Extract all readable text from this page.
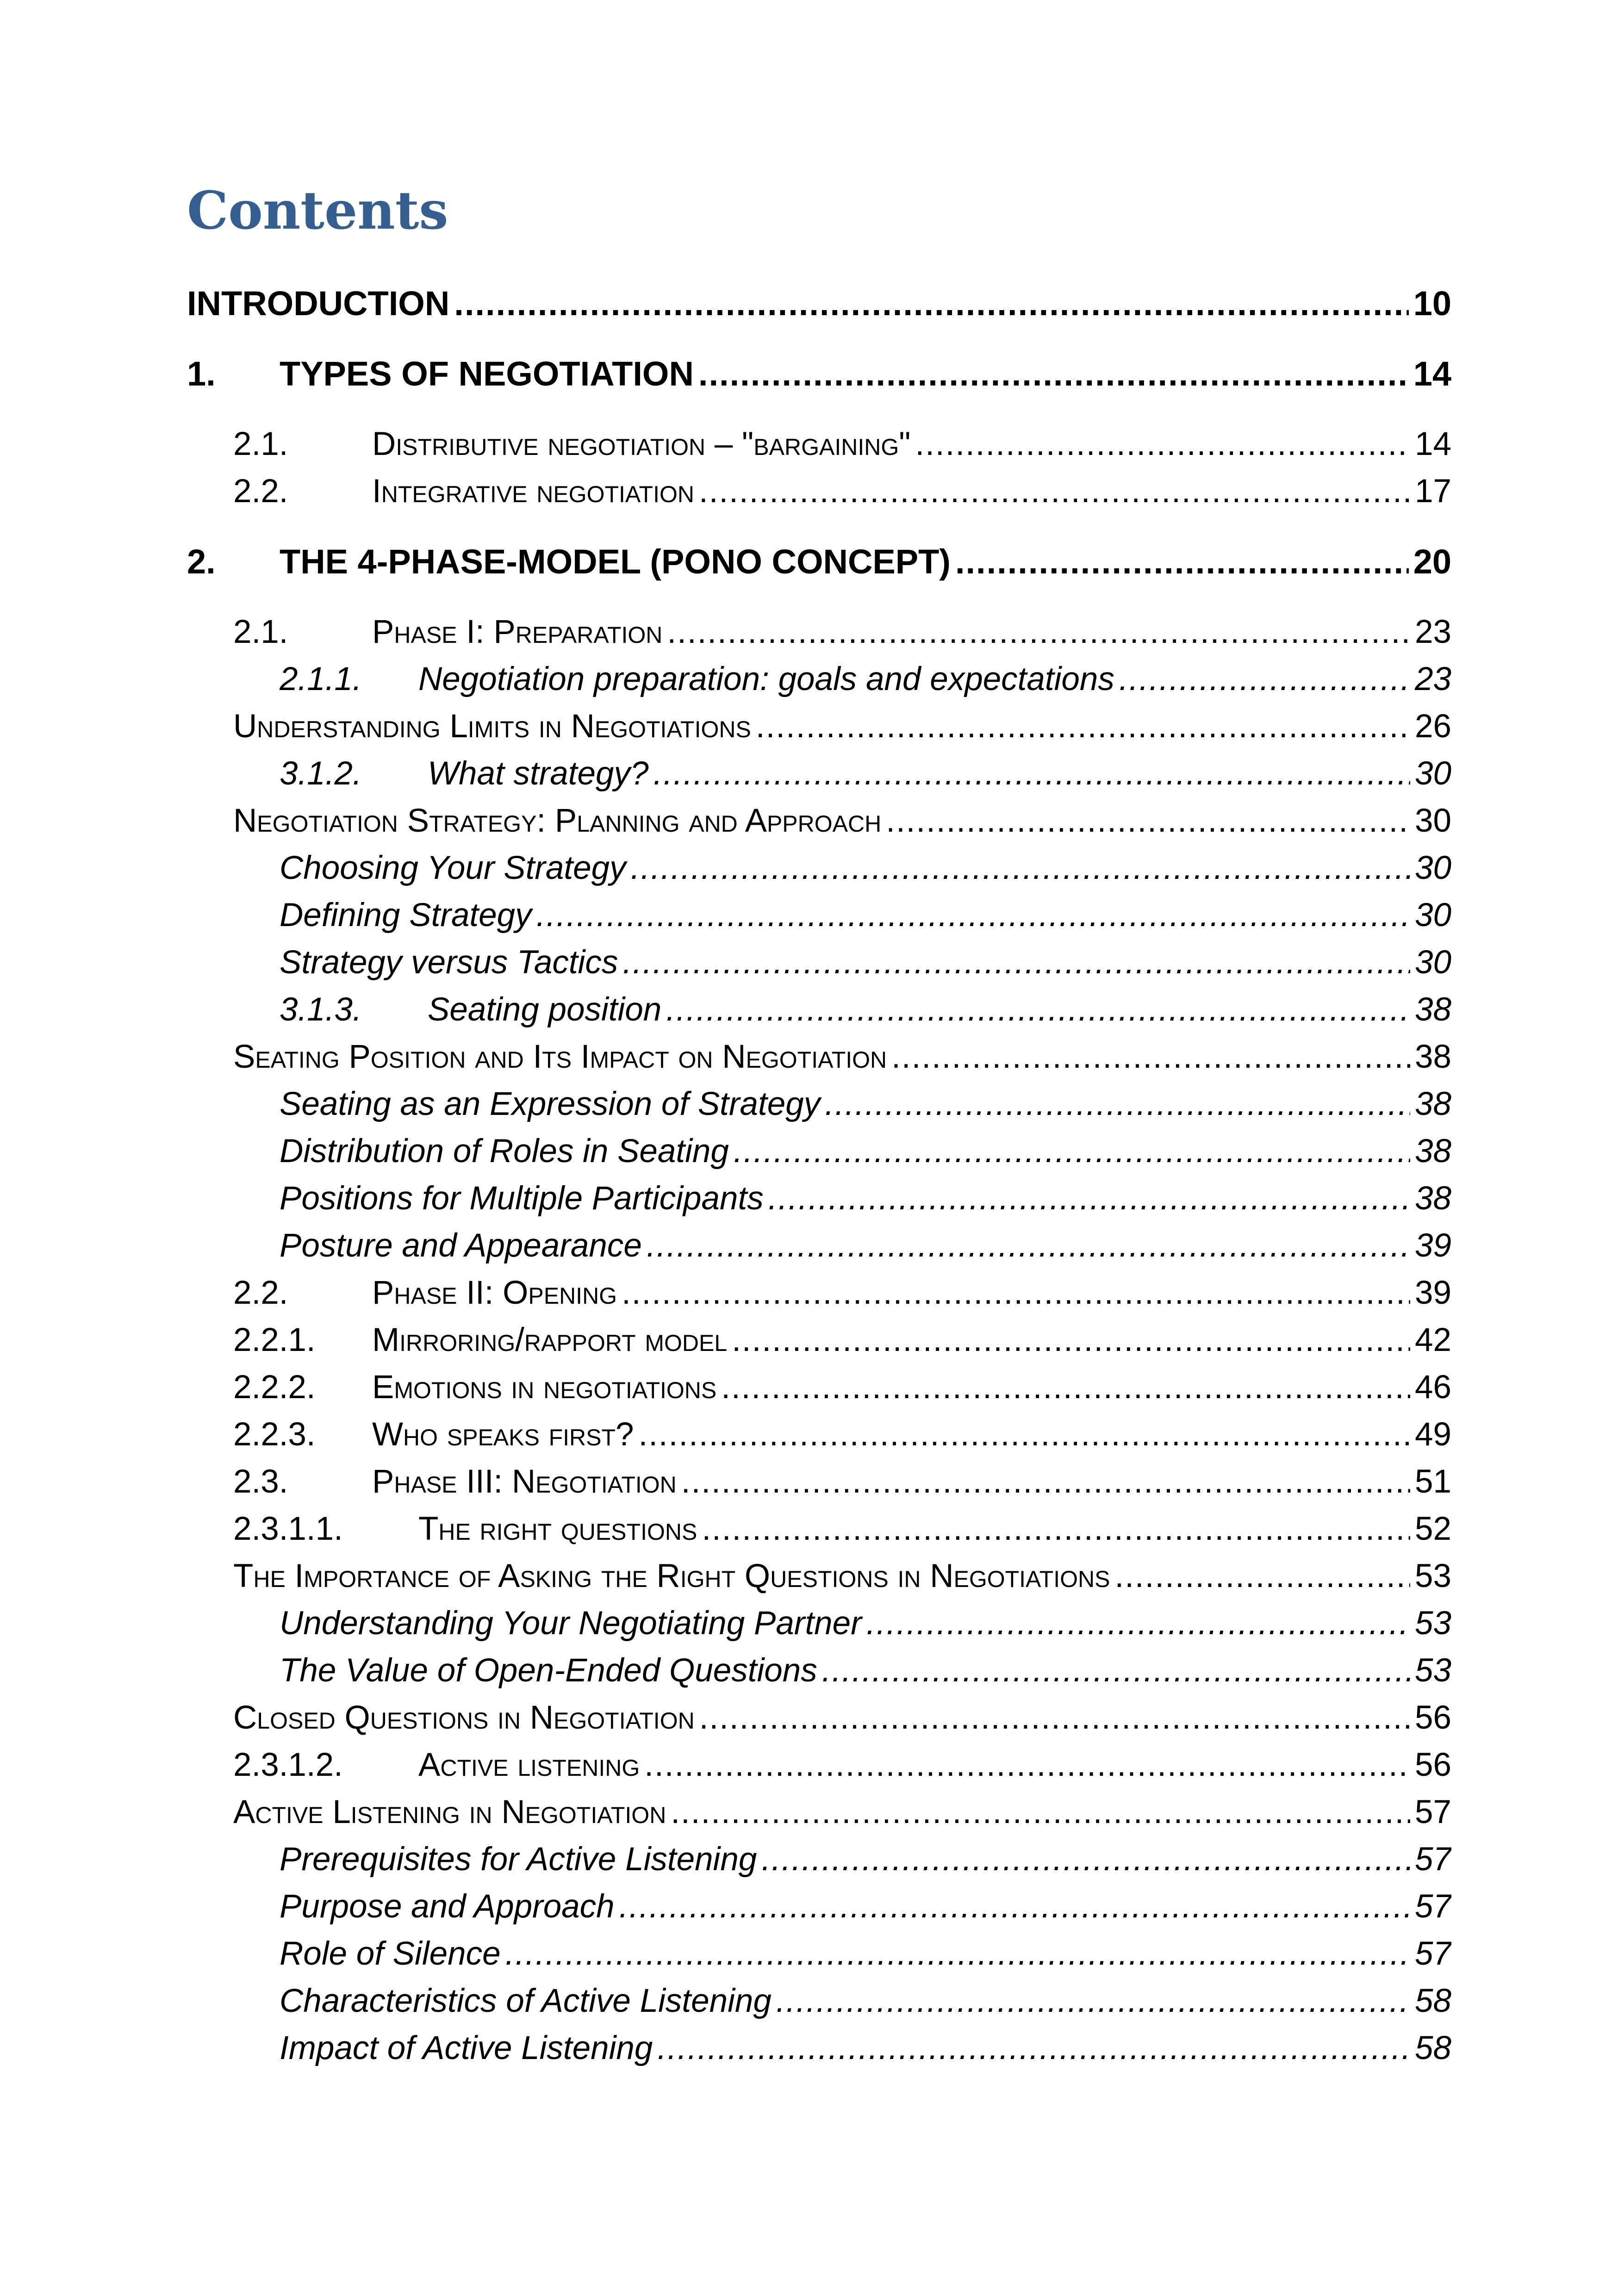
Contents
INTRODUCTION .....	10
1.	TYPES OF NEGOTIATION .....	14
2.1.	Distributive negotiation – "bargaining" .....	14
2.2.	Integrative negotiation .....	17
2.	THE 4-PHASE-MODEL (PONO CONCEPT) .....	20
2.1.	Phase I: Preparation .....	23
2.1.1.	Negotiation preparation: goals and expectations .....	23
Understanding Limits in Negotiations .....	26
3.1.2.	What strategy? .....	30
Negotiation Strategy: Planning and Approach .....	30
Choosing Your Strategy .....	30
Defining Strategy .....	30
Strategy versus Tactics .....	30
3.1.3.	Seating position .....	38
Seating Position and Its Impact on Negotiation .....	38
Seating as an Expression of Strategy .....	38
Distribution of Roles in Seating .....	38
Positions for Multiple Participants .....	38
Posture and Appearance .....	39
2.2.	Phase II: Opening .....	39
2.2.1.	Mirroring/rapport model .....	42
2.2.2.	Emotions in negotiations .....	46
2.2.3.	Who speaks first? .....	49
2.3.	Phase III: Negotiation .....	51
2.3.1.1.	The right questions .....	52
The Importance of Asking the Right Questions in Negotiations .....	53
Understanding Your Negotiating Partner .....	53
The Value of Open-Ended Questions .....	53
Closed Questions in Negotiation .....	56
2.3.1.2.	Active listening .....	56
Active Listening in Negotiation .....	57
Prerequisites for Active Listening .....	57
Purpose and Approach .....	57
Role of Silence .....	57
Characteristics of Active Listening .....	58
Impact of Active Listening .....	58
